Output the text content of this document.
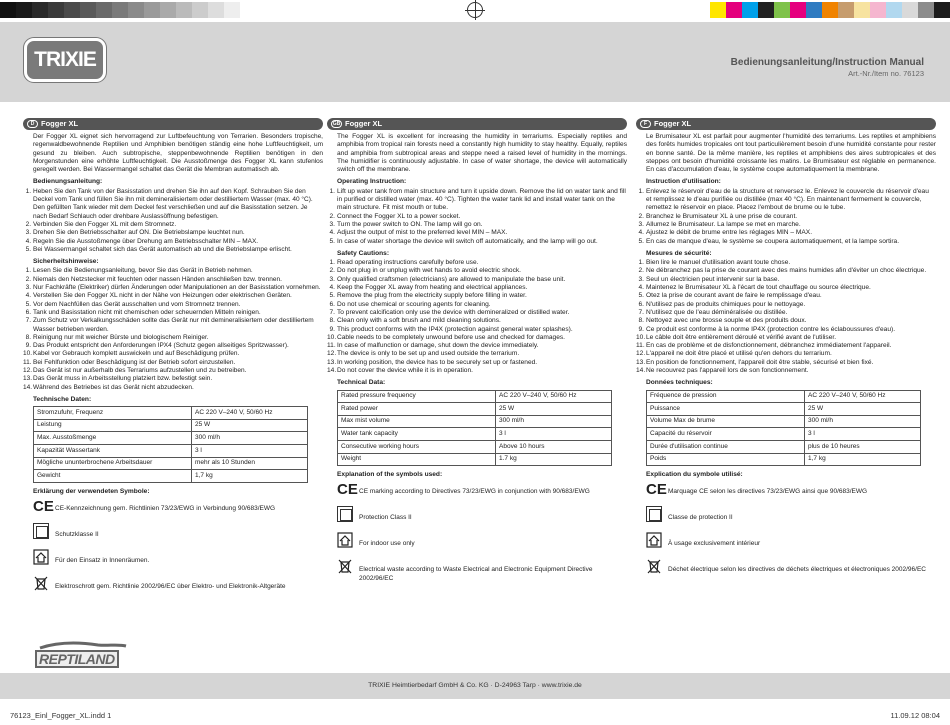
TRIXIE	Bedienungsanleitung/Instruction Manual
Art.-Nr./Item no. 76123
D Fogger XL
Der Fogger XL eignet sich hervorragend zur Luftbefeuchtung von Terrarien. Besonders tropische, regenwaldbewohnende Reptilien und Amphibien benötigen ständig eine hohe Luftfeuchtigkeit, um gesund zu bleiben. Auch subtropische, steppenbewohnende Reptilien benötigen in den Morgenstunden eine erhöhte Luftfeuchtigkeit. Die Ausstoßmenge des Fogger XL kann stufenlos geregelt werden. Bei Wassermangel schaltet das Gerät die Membran automatisch ab.
Bedienungsanleitung:
1. Heben Sie den Tank von der Basisstation und drehen Sie ihn auf den Kopf. Schrauben Sie den Deckel vom Tank und füllen Sie ihn mit demineralisiertem oder destilliertem Wasser (max. 40 °C). Den gefüllten Tank wieder mit dem Deckel fest verschließen und auf die Basisstation setzen. Je nach Bedarf Schlauch oder drehbare Auslassöffnung befestigen.
2. Verbinden Sie den Fogger XL mit dem Stromnetz.
3. Drehen Sie den Betriebsschalter auf ON. Die Betriebslampe leuchtet nun.
4. Regeln Sie die Ausstoßmenge über Drehung am Betriebsschalter MIN – MAX.
5. Bei Wassermangel schaltet sich das Gerät automatisch ab und die Betriebslampe erlischt.
Sicherheitshinweise:
1. Lesen Sie die Bedienungsanleitung, bevor Sie das Gerät in Betrieb nehmen.
2. Niemals den Netzstecker mit feuchten oder nassen Händen anschließen bzw. trennen.
3. Nur Fachkräfte (Elektriker) dürfen Änderungen oder Manipulationen an der Basisstation vornehmen.
4. Verstellen Sie den Fogger XL nicht in der Nähe von Heizungen oder elektrischen Geräten.
5. Vor dem Nachfüllen das Gerät ausschalten und vom Stromnetz trennen.
6. Tank und Basisstation nicht mit chemischen oder scheuernden Mitteln reinigen.
7. Zum Schutz vor Verkalkungsschäden sollte das Gerät nur mit demineralisiertem oder destilliertem Wasser betrieben werden.
8. Reinigung nur mit weicher Bürste und biologischem Reiniger.
9. Das Produkt entspricht den Anforderungen IPX4 (Schutz gegen allseitiges Spritzwasser).
10. Kabel vor Gebrauch komplett auswickeln und auf Beschädigung prüfen.
11. Bei Fehlfunktion oder Beschädigung ist der Betrieb sofort einzustellen.
12. Das Gerät ist nur außerhalb des Terrariums aufzustellen und zu betreiben.
13. Das Gerät muss in Arbeitsstellung platziert bzw. befestigt sein.
14. Während des Betriebes ist das Gerät nicht abzudecken.
Technische Daten:
Stromzufuhr, Frequenz	AC 220 V–240 V, 50/60 Hz
Leistung	25 W
Max. Ausstoßmenge	300 ml/h
Kapazität Wassertank	3 l
Mögliche ununterbrochene Arbeitsdauer	mehr als 10 Stunden
Gewicht	1,7 kg
Erklärung der verwendeten Symbole:
CE CE-Kennzeichnung gem. Richtlinien 73/23/EWG in Verbindung 90/683/EWG
Schutzklasse II
Für den Einsatz in Innenräumen.
Elektroschrott gem. Richtlinie 2002/96/EC über Elektro- und Elektronik-Altgeräte
GB Fogger XL
The Fogger XL is excellent for increasing the humidity in terrariums. Especially reptiles and amphibia from tropical rain forests need a constantly high humidity to stay healthy. Equally, reptiles and amphibia from subtropical areas and steppe need a raised level of humidity in the mornings. The humidifier is continuously adjustable. In case of water shortage, the device will automatically switch off the membrane.
Operating Instruction:
1. Lift up water tank from main structure and turn it upside down. Remove the lid on water tank and fill in purified or distilled water (max. 40 °C). Tighten the water tank lid and install water tank on the main structure. Fit mist mouth or tube.
2. Connect the Fogger XL to a power socket.
3. Turn the power switch to ON. The lamp will go on.
4. Adjust the output of mist to the preferred level MIN – MAX.
5. In case of water shortage the device will switch off automatically, and the lamp will go out.
Safety Cautions:
1. Read operating instructions carefully before use.
2. Do not plug in or unplug with wet hands to avoid electric shock.
3. Only qualified craftsmen (electricians) are allowed to manipulate the base unit.
4. Keep the Fogger XL away from heating and electrical appliances.
5. Remove the plug from the electricity supply before filling in water.
6. Do not use chemical or scouring agents for cleaning.
7. To prevent calcification only use the device with demineralized or distilled water.
8. Clean only with a soft brush and mild cleaning solutions.
9. This product conforms with the IP4X (protection against general water splashes).
10. Cable needs to be completely unwound before use and checked for damages.
11. In case of malfunction or damage, shut down the device immediately.
12. The device is only to be set up and used outside the terrarium.
13. In working position, the device has to be securely set up or fastened.
14. Do not cover the device while it is in operation.
Technical Data:
Rated pressure frequency	AC 220 V–240 V, 50/60 Hz
Rated power	25 W
Max mist volume	300 ml/h
Water tank capacity	3 l
Consecutive working hours	Above 10 hours
Weight	1.7 kg
Explanation of the symbols used:
CE CE marking according to Directives 73/23/EWG in conjunction with 90/683/EWG
Protection Class II
For indoor use only
Electrical waste according to Waste Electrical and Electronic Equipment Directive 2002/96/EC
F Fogger XL
Le Brumisateur XL est parfait pour augmenter l'humidité des terrariums. Les reptiles et amphibiens des forêts humides tropicales ont tout particulièrement besoin d'une humidité constante pour rester en bonne santé. De la même manière, les reptiles et amphibiens des aires subtropicales et des steppes ont besoin d'humidité croissante les matins. Le Brumisateur est réglable en permanence. En cas d'accumulation d'eau, le système coupe automatiquement la membrane.
Instruction d'utilisation:
1. Enlevez le réservoir d'eau de la structure et renversez le. Enlevez le couvercle du réservoir d'eau et remplissez le d'eau purifiée ou distillée (max 40 °C). En maintenant fermement le couvercle, remettez le réservoir en place. Placez l'embout de brume ou le tube.
2. Branchez le Brumisateur XL à une prise de courant.
3. Allumez le Brumisateur. La lampe se met en marche.
4. Ajustez le débit de brume entre les réglages MIN – MAX.
5. En cas de manque d'eau, le système se coupera automatiquement, et la lampe sortira.
Mesures de sécurité:
1. Bien lire le manuel d'utilisation avant toute chose.
2. Ne débranchez pas la prise de courant avec des mains humides afin d'éviter un choc électrique.
3. Seul un électricien peut intervenir sur la base.
4. Maintenez le Brumisateur XL à l'écart de tout chauffage ou source électrique.
5. Otez la prise de courant avant de faire le remplissage d'eau.
6. N'utilisez pas de produits chimiques pour le nettoyage.
7. N'utilisez que de l'eau déminéralisée ou distillée.
8. Nettoyez avec une brosse souple et des produits doux.
9. Ce produit est conforme à la norme IP4X (protection contre les éclaboussures d'eau).
10. Le câble doit être entièrement déroulé et vérifié avant de l'utiliser.
11. En cas de problème et de disfonctionnement, débranchez immédiatement l'appareil.
12. L'appareil ne doit être placé et utilisé qu'en dehors du terrarium.
13. En position de fonctionnement, l'appareil doit être stable, sécurisé et bien fixé.
14. Ne recouvrez pas l'appareil lors de son fonctionnement.
Données techniques:
Fréquence de pression	AC 220 V–240 V, 50/60 Hz
Puissance	25 W
Volume Max de brume	300 ml/h
Capacité du réservoir	3 l
Durée d'utilisation continue	plus de 10 heures
Poids	1,7 kg
Explication du symbole utilisé:
CE Marquage CE selon les directives 73/23/EWG ainsi que 90/683/EWG
Classe de protection II
À usage exclusivement intérieur
Déchet électrique selon les directives de déchets électriques et électroniques 2002/96/EC
REPTILAND
TRIXIE Heimtierbedarf GmbH & Co. KG · D-24963 Tarp · www.trixie.de
76123_Einl_Fogger_XL.indd 1	11.09.12 08:04
